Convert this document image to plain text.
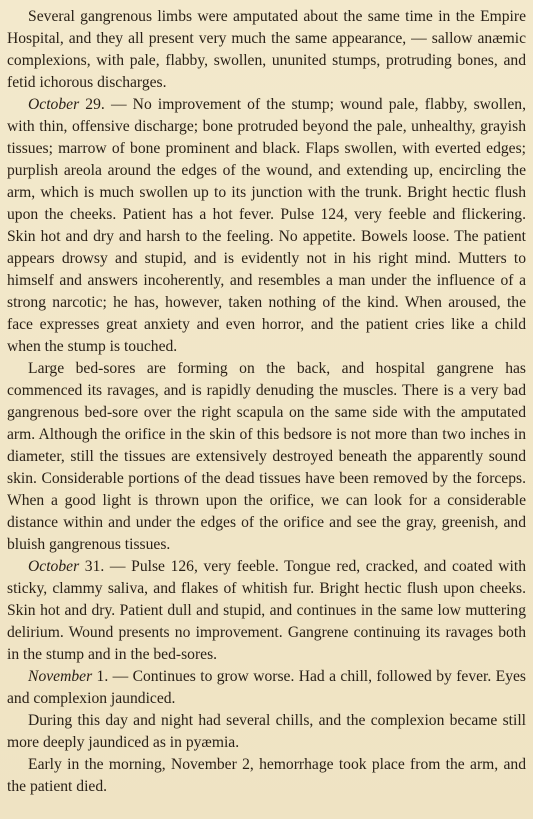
Several gangrenous limbs were amputated about the same time in the Empire Hospital, and they all present very much the same appearance, — sallow anæmic complexions, with pale, flabby, swollen, ununited stumps, protruding bones, and fetid ichorous discharges.

October 29. — No improvement of the stump; wound pale, flabby, swollen, with thin, offensive discharge; bone protruded beyond the pale, unhealthy, grayish tissues; marrow of bone prominent and black. Flaps swollen, with everted edges; purplish areola around the edges of the wound, and extending up, encircling the arm, which is much swollen up to its junction with the trunk. Bright hectic flush upon the cheeks. Patient has a hot fever. Pulse 124, very feeble and flickering. Skin hot and dry and harsh to the feeling. No appetite. Bowels loose. The patient appears drowsy and stupid, and is evidently not in his right mind. Mutters to himself and answers incoherently, and resembles a man under the influence of a strong narcotic; he has, however, taken nothing of the kind. When aroused, the face expresses great anxiety and even horror, and the patient cries like a child when the stump is touched.

Large bed-sores are forming on the back, and hospital gangrene has commenced its ravages, and is rapidly denuding the muscles. There is a very bad gangrenous bed-sore over the right scapula on the same side with the amputated arm. Although the orifice in the skin of this bedsore is not more than two inches in diameter, still the tissues are extensively destroyed beneath the apparently sound skin. Considerable portions of the dead tissues have been removed by the forceps. When a good light is thrown upon the orifice, we can look for a considerable distance within and under the edges of the orifice and see the gray, greenish, and bluish gangrenous tissues.

October 31. — Pulse 126, very feeble. Tongue red, cracked, and coated with sticky, clammy saliva, and flakes of whitish fur. Bright hectic flush upon cheeks. Skin hot and dry. Patient dull and stupid, and continues in the same low muttering delirium. Wound presents no improvement. Gangrene continuing its ravages both in the stump and in the bed-sores.

November 1. — Continues to grow worse. Had a chill, followed by fever. Eyes and complexion jaundiced.

During this day and night had several chills, and the complexion became still more deeply jaundiced as in pyæmia.

Early in the morning, November 2, hemorrhage took place from the arm, and the patient died.
